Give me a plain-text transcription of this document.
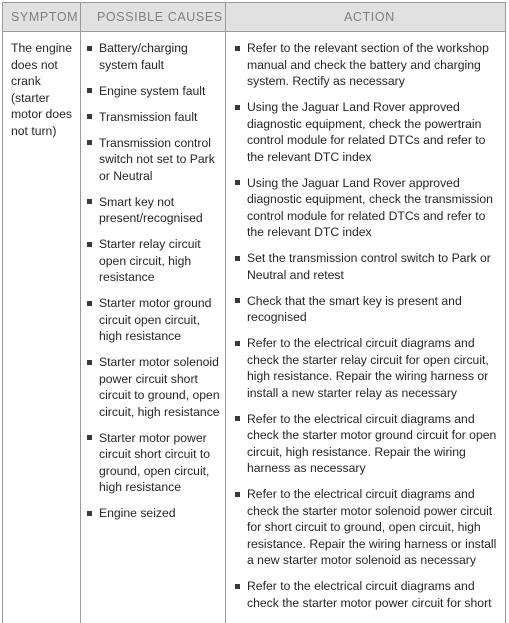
SYMPTOM POSSIBLE CAUSES	ACTION
The engine does not crank (starter motor does not turn)
Battery/charging system fault
Engine system fault
Transmission fault
Transmission control switch not set to Park or Neutral
Smart key not present/recognised
Starter relay circuit open circuit, high resistance
Starter motor ground circuit open circuit, high resistance
Starter motor solenoid power circuit short circuit to ground, open circuit, high resistance
Starter motor power circuit short circuit to ground, open circuit, high resistance
Engine seized
Refer to the relevant section of the workshop manual and check the battery and charging system. Rectify as necessary
Using the Jaguar Land Rover approved diagnostic equipment, check the powertrain control module for related DTCs and refer to the relevant DTC index
Using the Jaguar Land Rover approved diagnostic equipment, check the transmission control module for related DTCs and refer to the relevant DTC index
Set the transmission control switch to Park or Neutral and retest
Check that the smart key is present and recognised
Refer to the electrical circuit diagrams and check the starter relay circuit for open circuit, high resistance. Repair the wiring harness or install a new starter relay as necessary
Refer to the electrical circuit diagrams and check the starter motor ground circuit for open circuit, high resistance. Repair the wiring harness as necessary
Refer to the electrical circuit diagrams and check the starter motor solenoid power circuit for short circuit to ground, open circuit, high resistance. Repair the wiring harness or install a new starter motor solenoid as necessary
Refer to the electrical circuit diagrams and check the starter motor power circuit for short
